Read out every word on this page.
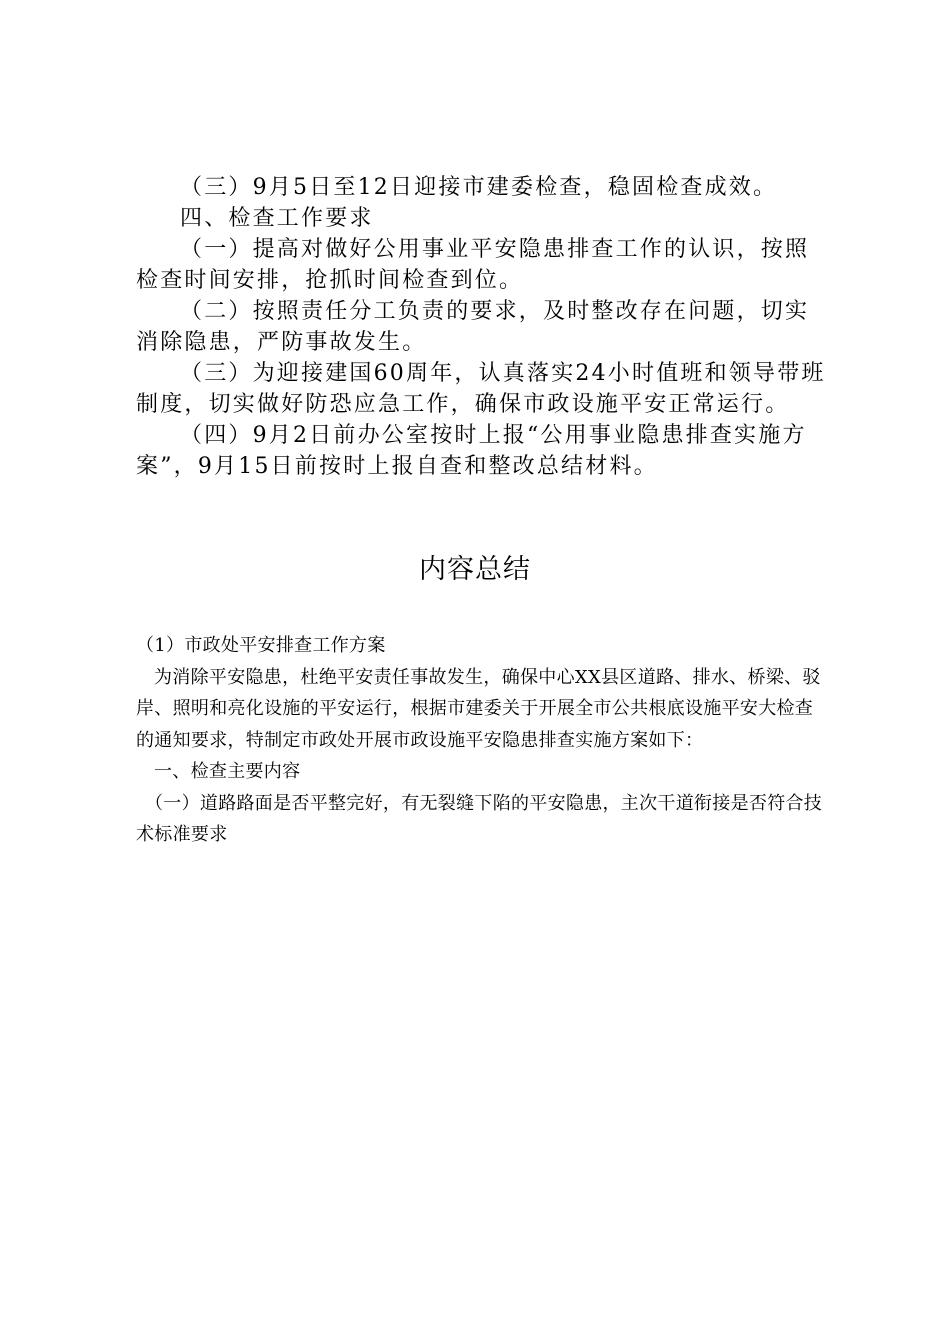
（三）9月5日至12日迎接市建委检查，稳固检查成效。

四、检查工作要求

（一）提高对做好公用事业平安隐患排查工作的认识，按照检查时间安排，抢抓时间检查到位。

（二）按照责任分工负责的要求，及时整改存在问题，切实消除隐患，严防事故发生。

（三）为迎接建国60周年，认真落实24小时值班和领导带班制度，切实做好防恐应急工作，确保市政设施平安正常运行。

（四）9月2日前办公室按时上报“公用事业隐患排查实施方案”，9月15日前按时上报自查和整改总结材料。

内容总结

（1）市政处平安排查工作方案

为消除平安隐患，杜绝平安责任事故发生，确保中心XX县区道路、排水、桥梁、驳岸、照明和亮化设施的平安运行，根据市建委关于开展全市公共根底设施平安大检查的通知要求，特制定市政处开展市政设施平安隐患排查实施方案如下：

一、检查主要内容

（一）道路路面是否平整完好，有无裂缝下陷的平安隐患，主次干道衔接是否符合技术标准要求
